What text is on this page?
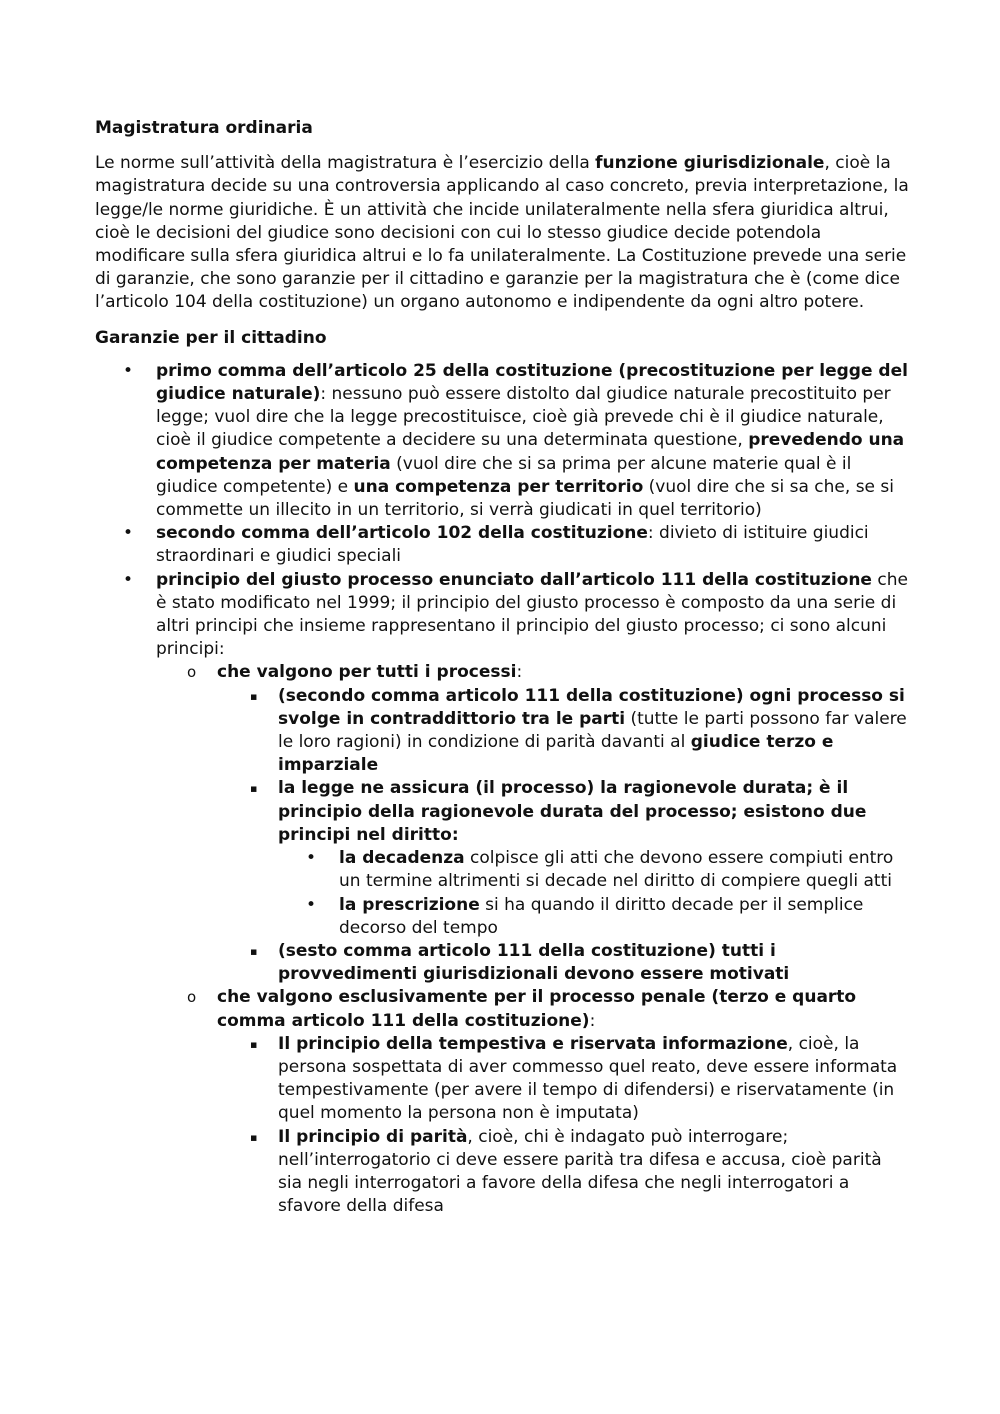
Magistratura ordinaria
Le norme sull’attività della magistratura è l’esercizio della funzione giurisdizionale, cioè la magistratura decide su una controversia applicando al caso concreto, previa interpretazione, la legge/le norme giuridiche. È un attività che incide unilateralmente nella sfera giuridica altrui, cioè le decisioni del giudice sono decisioni con cui lo stesso giudice decide potendola modificare sulla sfera giuridica altrui e lo fa unilateralmente. La Costituzione prevede una serie di garanzie, che sono garanzie per il cittadino e garanzie per la magistratura che è (come dice l’articolo 104 della costituzione) un organo autonomo e indipendente da ogni altro potere.
Garanzie per il cittadino
• primo comma dell’articolo 25 della costituzione (precostituzione per legge del giudice naturale): nessuno può essere distolto dal giudice naturale precostituito per legge; vuol dire che la legge precostituisce, cioè già prevede chi è il giudice naturale, cioè il giudice competente a decidere su una determinata questione, prevedendo una competenza per materia (vuol dire che si sa prima per alcune materie qual è il giudice competente) e una competenza per territorio (vuol dire che si sa che, se si commette un illecito in un territorio, si verrà giudicati in quel territorio)
• secondo comma dell’articolo 102 della costituzione: divieto di istituire giudici straordinari e giudici speciali
• principio del giusto processo enunciato dall’articolo 111 della costituzione che è stato modificato nel 1999; il principio del giusto processo è composto da una serie di altri principi che insieme rappresentano il principio del giusto processo; ci sono alcuni principi:
o che valgono per tutti i processi:
▪ (secondo comma articolo 111 della costituzione) ogni processo si svolge in contraddittorio tra le parti (tutte le parti possono far valere le loro ragioni) in condizione di parità davanti al giudice terzo e imparziale
▪ la legge ne assicura (il processo) la ragionevole durata; è il principio della ragionevole durata del processo; esistono due principi nel diritto:
• la decadenza colpisce gli atti che devono essere compiuti entro un termine altrimenti si decade nel diritto di compiere quegli atti
• la prescrizione si ha quando il diritto decade per il semplice decorso del tempo
▪ (sesto comma articolo 111 della costituzione) tutti i provvedimenti giurisdizionali devono essere motivati
o che valgono esclusivamente per il processo penale (terzo e quarto comma articolo 111 della costituzione):
▪ Il principio della tempestiva e riservata informazione, cioè, la persona sospettata di aver commesso quel reato, deve essere informata tempestivamente (per avere il tempo di difendersi) e riservatamente (in quel momento la persona non è imputata)
▪ Il principio di parità, cioè, chi è indagato può interrogare; nell’interrogatorio ci deve essere parità tra difesa e accusa, cioè parità sia negli interrogatori a favore della difesa che negli interrogatori a sfavore della difesa
